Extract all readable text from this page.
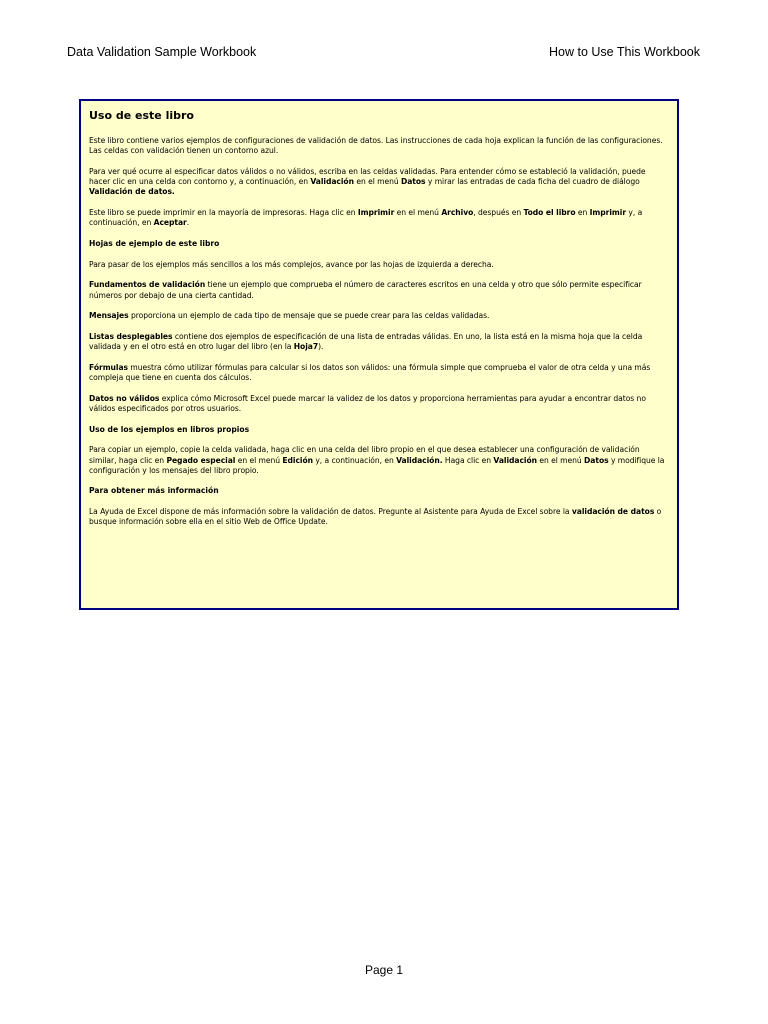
Data Validation Sample Workbook	How to Use This Workbook
Uso de este libro
Este libro contiene varios ejemplos de configuraciones de validación de datos. Las instrucciones de cada hoja explican la función de las configuraciones. Las celdas con validación tienen un contorno azul.
Para ver qué ocurre al especificar datos válidos o no válidos, escriba en las celdas validadas. Para entender cómo se estableció la validación, puede hacer clic en una celda con contorno y, a continuación, en Validación en el menú Datos y mirar las entradas de cada ficha del cuadro de diálogo Validación de datos.
Este libro se puede imprimir en la mayoría de impresoras. Haga clic en Imprimir en el menú Archivo, después en Todo el libro en Imprimir y, a continuación, en Aceptar.
Hojas de ejemplo de este libro
Para pasar de los ejemplos más sencillos a los más complejos, avance por las hojas de izquierda a derecha.
Fundamentos de validación tiene un ejemplo que comprueba el número de caracteres escritos en una celda y otro que sólo permite especificar números por debajo de una cierta cantidad.
Mensajes proporciona un ejemplo de cada tipo de mensaje que se puede crear para las celdas validadas.
Listas desplegables contiene dos ejemplos de especificación de una lista de entradas válidas. En uno, la lista está en la misma hoja que la celda validada y en el otro está en otro lugar del libro (en la Hoja7).
Fórmulas muestra cómo utilizar fórmulas para calcular si los datos son válidos: una fórmula simple que comprueba el valor de otra celda y una más compleja que tiene en cuenta dos cálculos.
Datos no válidos explica cómo Microsoft Excel puede marcar la validez de los datos y proporciona herramientas para ayudar a encontrar datos no válidos especificados por otros usuarios.
Uso de los ejemplos en libros propios
Para copiar un ejemplo, copie la celda validada, haga clic en una celda del libro propio en el que desea establecer una configuración de validación similar, haga clic en Pegado especial en el menú Edición y, a continuación, en Validación. Haga clic en Validación en el menú Datos y modifique la configuración y los mensajes del libro propio.
Para obtener más información
La Ayuda de Excel dispone de más información sobre la validación de datos. Pregunte al Asistente para Ayuda de Excel sobre la validación de datos o busque información sobre ella en el sitio Web de Office Update.
Page 1
